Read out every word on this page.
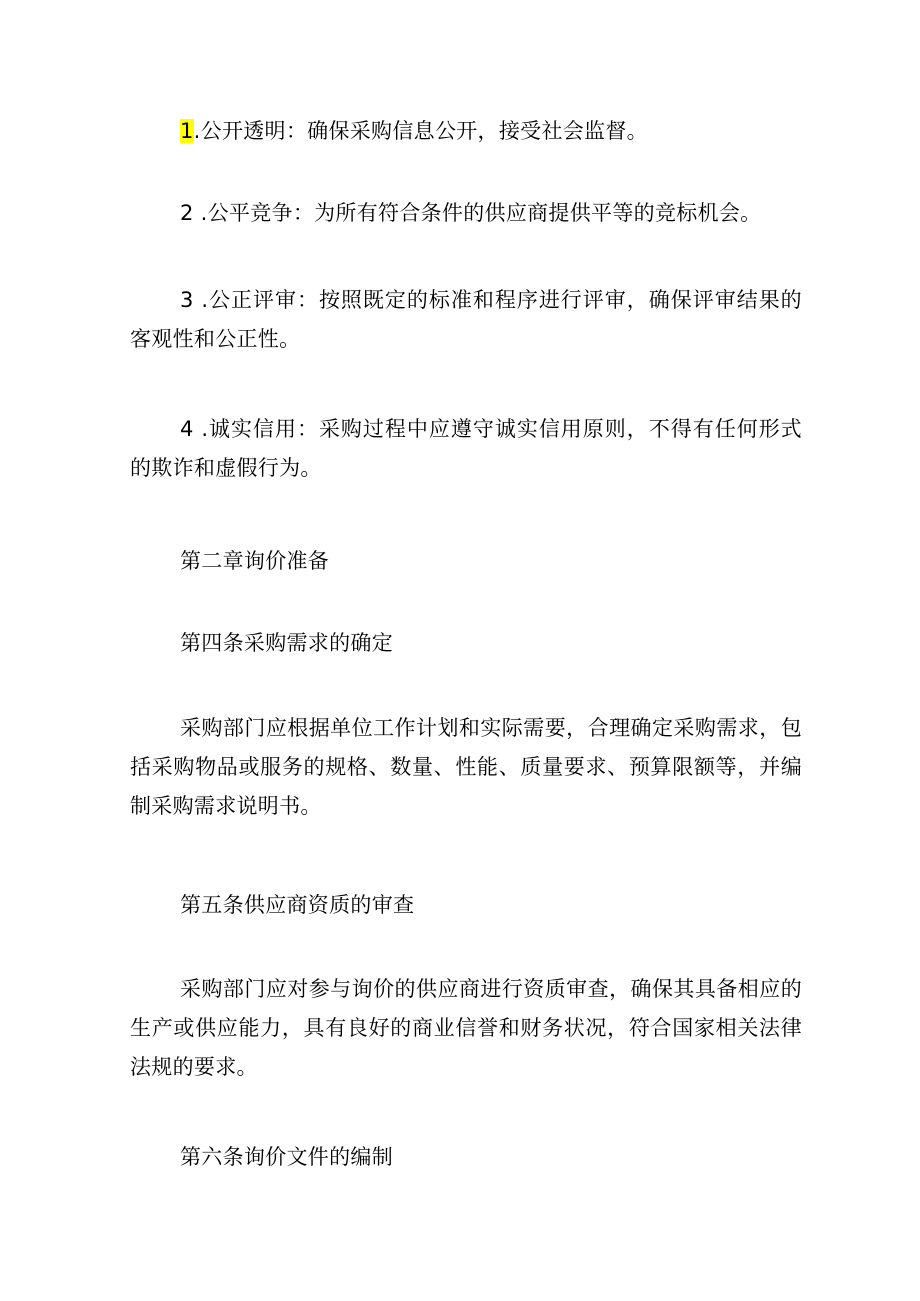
1.公开透明：确保采购信息公开，接受社会监督。

2 .公平竞争：为所有符合条件的供应商提供平等的竞标机会。

3 .公正评审：按照既定的标准和程序进行评审，确保评审结果的客观性和公正性。

4 .诚实信用：采购过程中应遵守诚实信用原则，不得有任何形式的欺诈和虚假行为。

第二章询价准备

第四条采购需求的确定

采购部门应根据单位工作计划和实际需要，合理确定采购需求，包括采购物品或服务的规格、数量、性能、质量要求、预算限额等，并编制采购需求说明书。

第五条供应商资质的审查

采购部门应对参与询价的供应商进行资质审查，确保其具备相应的生产或供应能力，具有良好的商业信誉和财务状况，符合国家相关法律法规的要求。

第六条询价文件的编制
